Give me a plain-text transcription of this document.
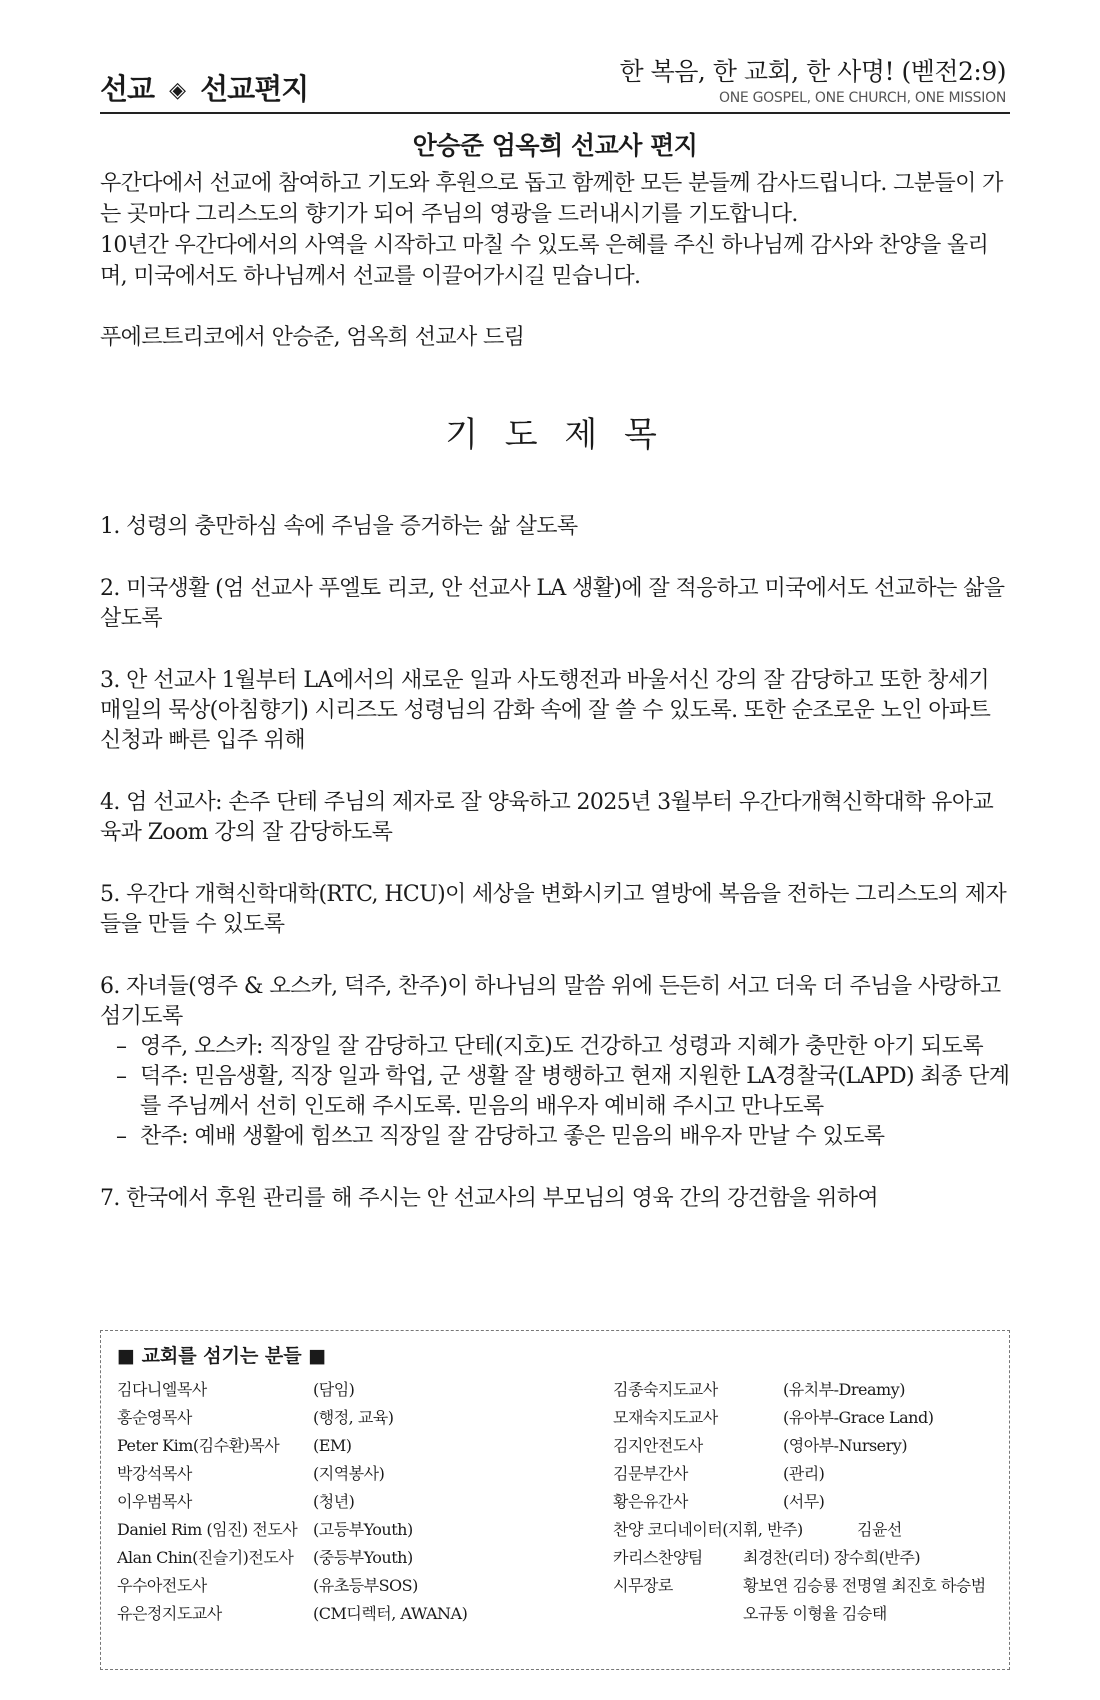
선교 ◈ 선교편지
한 복음, 한 교회, 한 사명! (벧전2:9)
ONE GOSPEL, ONE CHURCH, ONE MISSION
안승준 엄옥희 선교사 편지

우간다에서 선교에 참여하고 기도와 후원으로 돕고 함께한 모든 분들께 감사드립니다. 그분들이 가는 곳마다 그리스도의 향기가 되어 주님의 영광을 드러내시기를 기도합니다.

10년간 우간다에서의 사역을 시작하고 마칠 수 있도록 은혜를 주신 하나님께 감사와 찬양을 올리며, 미국에서도 하나님께서 선교를 이끌어가시길 믿습니다.

푸에르트리코에서 안승준, 엄옥희 선교사 드림

기 도 제 목

1. 성령의 충만하심 속에 주님을 증거하는 삶 살도록

2. 미국생활 (엄 선교사 푸엘토 리코, 안 선교사 LA 생활)에 잘 적응하고 미국에서도 선교하는 삶을 살도록

3. 안 선교사 1월부터 LA에서의 새로운 일과 사도행전과 바울서신 강의 잘 감당하고 또한 창세기 매일의 묵상(아침향기) 시리즈도 성령님의 감화 속에 잘 쓸 수 있도록. 또한 순조로운 노인 아파트 신청과 빠른 입주 위해

4. 엄 선교사: 손주 단테 주님의 제자로 잘 양육하고 2025년 3월부터 우간다개혁신학대학 유아교육과 Zoom 강의 잘 감당하도록

5. 우간다 개혁신학대학(RTC, HCU)이 세상을 변화시키고 열방에 복음을 전하는 그리스도의 제자들을 만들 수 있도록

6. 자녀들(영주 & 오스카, 덕주, 찬주)이 하나님의 말씀 위에 든든히 서고 더욱 더 주님을 사랑하고 섬기도록
– 영주, 오스카: 직장일 잘 감당하고 단테(지호)도 건강하고 성령과 지혜가 충만한 아기 되도록
– 덕주: 믿음생활, 직장 일과 학업, 군 생활 잘 병행하고 현재 지원한 LA경찰국(LAPD) 최종 단계를 주님께서 선히 인도해 주시도록. 믿음의 배우자 예비해 주시고 만나도록
– 찬주: 예배 생활에 힘쓰고 직장일 잘 감당하고 좋은 믿음의 배우자 만날 수 있도록

7. 한국에서 후원 관리를 해 주시는 안 선교사의 부모님의 영육 간의 강건함을 위하여

■ 교회를 섬기는 분들 ■
김다니엘목사	(담임)
홍순영목사	(행정, 교육)
Peter Kim(김수환)목사	(EM)
박강석목사	(지역봉사)
이우범목사	(청년)
Daniel Rim (임진) 전도사 (고등부Youth)
Alan Chin(진슬기)전도사	(중등부Youth)
우수아전도사	(유초등부SOS)
유은정지도교사	(CM디렉터, AWANA)
김종숙지도교사	(유치부-Dreamy)
모재숙지도교사	(유아부-Grace Land)
김지안전도사	(영아부-Nursery)
김문부간사	(관리)
황은유간사	(서무)
찬양 코디네이터(지휘, 반주)	김윤선
카리스찬양팀	최경찬(리더) 장수희(반주)
시무장로	황보연 김승룡 전명열 최진호 하승범
오규동 이형율 김승태
